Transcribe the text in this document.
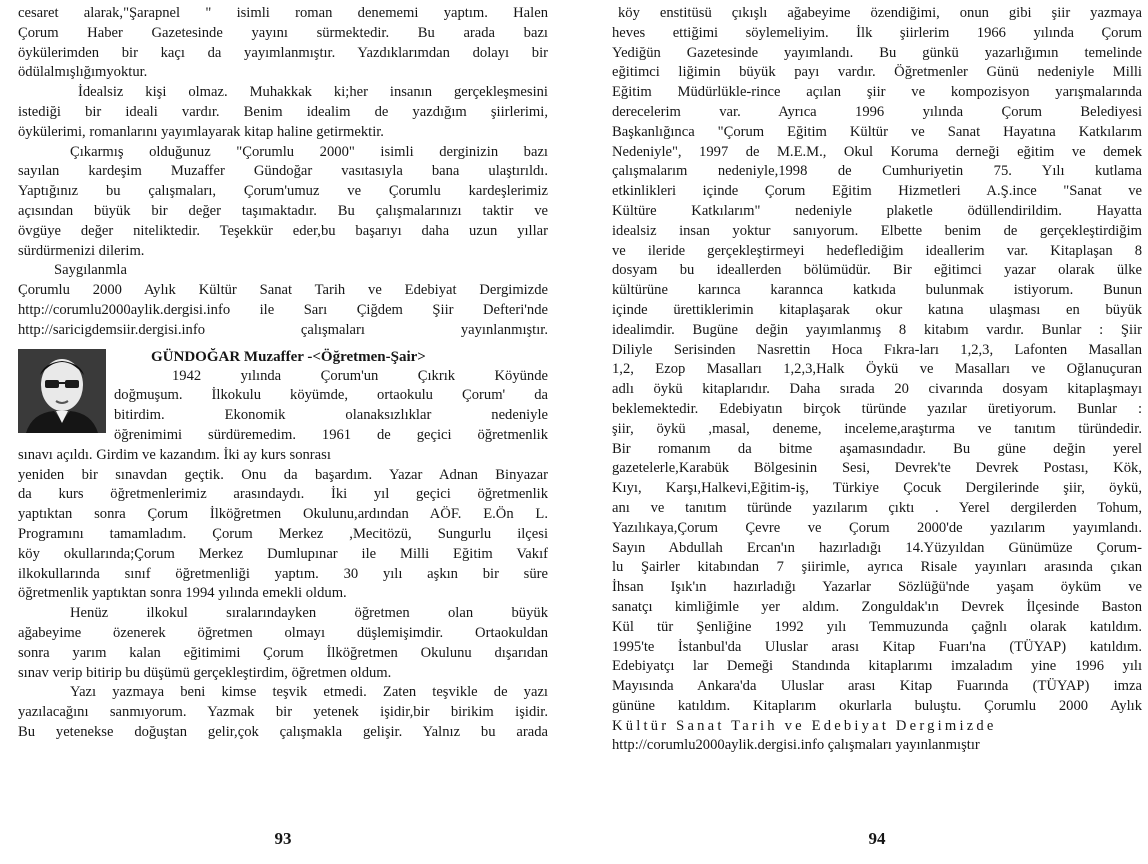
cesaret alarak,"Şarapnel " isimli roman denememi yaptım. Halen

Çorum Haber Gazetesinde yayını sürmektedir. Bu arada bazı

öykülerimden bir kaçı da yayımlanmıştır. Yazdıklarımdan dolayı bir

ödülalmışlığımyoktur.

İdealsiz kişi olmaz. Muhakkak ki;her insanın gerçekleşmesini

istediği bir ideali vardır. Benim idealim de yazdığım şiirlerimi,

öykülerimi, romanlarını yayımlayarak kitap haline getirmektir.

Çıkarmış olduğunuz "Çorumlu 2000" isimli derginizin bazı

sayılan kardeşim Muzaffer Gündoğar vasıtasıyla bana ulaştırıldı.

Yaptığınız bu çalışmaları, Çorum'umuz ve Çorumlu kardeşlerimiz

açısından büyük bir değer taşımaktadır. Bu çalışmalarınızı taktir ve

övgüye değer niteliktedir. Teşekkür eder,bu başarıyı daha uzun yıllar

sürdürmenizi dilerim.

Saygılanmla

Çorumlu 2000 Aylık Kültür Sanat Tarih ve Edebiyat Dergimizde

http://corumlu2000aylik.dergisi.info ile Sarı Çiğdem Şiir Defteri'nde

http://saricigdemsiir.dergisi.info çalışmaları yayınlanmıştır.

GÜNDOĞAR Muzaffer -<Öğretmen-Şair>

1942 yılında Çorum'un Çıkrık Köyünde

doğmuşum. İlkokulu köyümde, ortaokulu Çorum' da

bitirdim. Ekonomik olanaksızlıklar nedeniyle

öğrenimimi sürdüremedim. 1961 de geçici öğretmenlik

sınavı açıldı. Girdim ve kazandım. İki ay kurs sonrası

yeniden bir sınavdan geçtik. Onu da başardım. Yazar Adnan Binyazar

da kurs öğretmenlerimiz arasındaydı. İki yıl geçici öğretmenlik

yaptıktan sonra Çorum İlköğretmen Okulunu,ardından AÖF. E.Ön L.

Programını tamamladım. Çorum Merkez ,Mecitözü, Sungurlu ilçesi

köy okullarında;Çorum Merkez Dumlupınar ile Milli Eğitim Vakıf

ilkokullarında sınıf öğretmenliği yaptım. 30 yılı aşkın bir süre

öğretmenlik yaptıktan sonra 1994 yılında emekli oldum.

Henüz ilkokul sıralarındayken öğretmen olan büyük

ağabeyime özenerek öğretmen olmayı düşlemişimdir. Ortaokuldan

sonra yarım kalan eğitimimi Çorum İlköğretmen Okulunu dışarıdan

sınav verip bitirip bu düşümü gerçekleştirdim, öğretmen oldum.

Yazı yazmaya beni kimse teşvik etmedi. Zaten teşvikle de yazı

yazılacağını sanmıyorum. Yazmak bir yetenek işidir,bir birikim işidir.

Bu yetenekse doğuştan gelir,çok çalışmakla gelişir. Yalnız bu arada

93

köy enstitüsü çıkışlı ağabeyime özendiğimi, onun gibi şiir yazmaya

heves ettiğimi söylemeliyim. İlk şiirlerim 1966 yılında Çorum

Yediğün Gazetesinde yayımlandı. Bu günkü yazarlığımın temelinde

eğitimci liğimin büyük payı vardır. Öğretmenler Günü nedeniyle Milli

Eğitim Müdürlükle-rince açılan şiir ve kompozisyon yarışmalarında

derecelerim var. Ayrıca 1996 yılında Çorum Belediyesi

Başkanlığınca "Çorum Eğitim Kültür ve Sanat Hayatına Katkılarım

Nedeniyle", 1997 de M.E.M., Okul Koruma derneği eğitim ve demek

çalışmalarım nedeniyle,1998 de Cumhuriyetin 75. Yılı kutlama

etkinlikleri içinde Çorum Eğitim Hizmetleri A.Ş.ince "Sanat ve

Kültüre Katkılarım" nedeniyle plaketle ödüllendirildim. Hayatta

idealsiz insan yoktur sanıyorum. Elbette benim de gerçekleştirdiğim

ve ileride gerçekleştirmeyi hedeflediğim ideallerim var. Kitaplaşan 8

dosyam bu ideallerden bölümüdür. Bir eğitimci yazar olarak ülke

kültürüne karınca karannca katkıda bulunmak istiyorum. Bunun

içinde ürettiklerimin kitaplaşarak okur katına ulaşması en büyük

idealimdir. Bugüne değin yayımlanmış 8 kitabım vardır. Bunlar : Şiir

Diliyle Serisinden Nasrettin Hoca Fıkra-ları 1,2,3, Lafonten Masallan

1,2, Ezop Masalları 1,2,3,Halk Öykü ve Masalları ve Oğlanuçuran

adlı öykü kitaplarıdır. Daha sırada 20 civarında dosyam kitaplaşmayı

beklemektedir. Edebiyatın birçok türünde yazılar üretiyorum. Bunlar :

şiir, öykü ,masal, deneme, inceleme,araştırma ve tanıtım türündedir.

Bir romanım da bitme aşamasındadır. Bu güne değin yerel

gazetelerle,Karabük Bölgesinin Sesi, Devrek'te Devrek Postası, Kök,

Kıyı, Karşı,Halkevi,Eğitim-iş, Türkiye Çocuk Dergilerinde şiir, öykü,

anı ve tanıtım türünde yazılarım çıktı . Yerel dergilerden Tohum,

Yazılıkaya,Çorum Çevre ve Çorum 2000'de yazılarım yayımlandı.

Sayın Abdullah Ercan'ın hazırladığı 14.Yüzyıldan Günümüze Çorum-

lu Şairler kitabından 7 şiirimle, ayrıca Risale yayınları arasında çıkan

İhsan Işık'ın hazırladığı Yazarlar Sözlüğü'nde yaşam öyküm ve

sanatçı kimliğimle yer aldım. Zonguldak'ın Devrek İlçesinde Baston

Kül tür Şenliğine 1992 yılı Temmuzunda çağnlı olarak katıldım.

1995'te İstanbul'da Uluslar arası Kitap Fuarı'na (TÜYAP) katıldım.

Edebiyatçı lar Demeği Standında kitaplarımı imzaladım yine 1996 yılı

Mayısında Ankara'da Uluslar arası Kitap Fuarında (TÜYAP) imza

gününe katıldım. Kitaplarım okurlarla buluştu. Çorumlu 2000 Aylık

Kültür Sanat Tarih ve Edebiyat Dergimizde

http://corumlu2000aylik.dergisi.info çalışmaları yayınlanmıştır

94
